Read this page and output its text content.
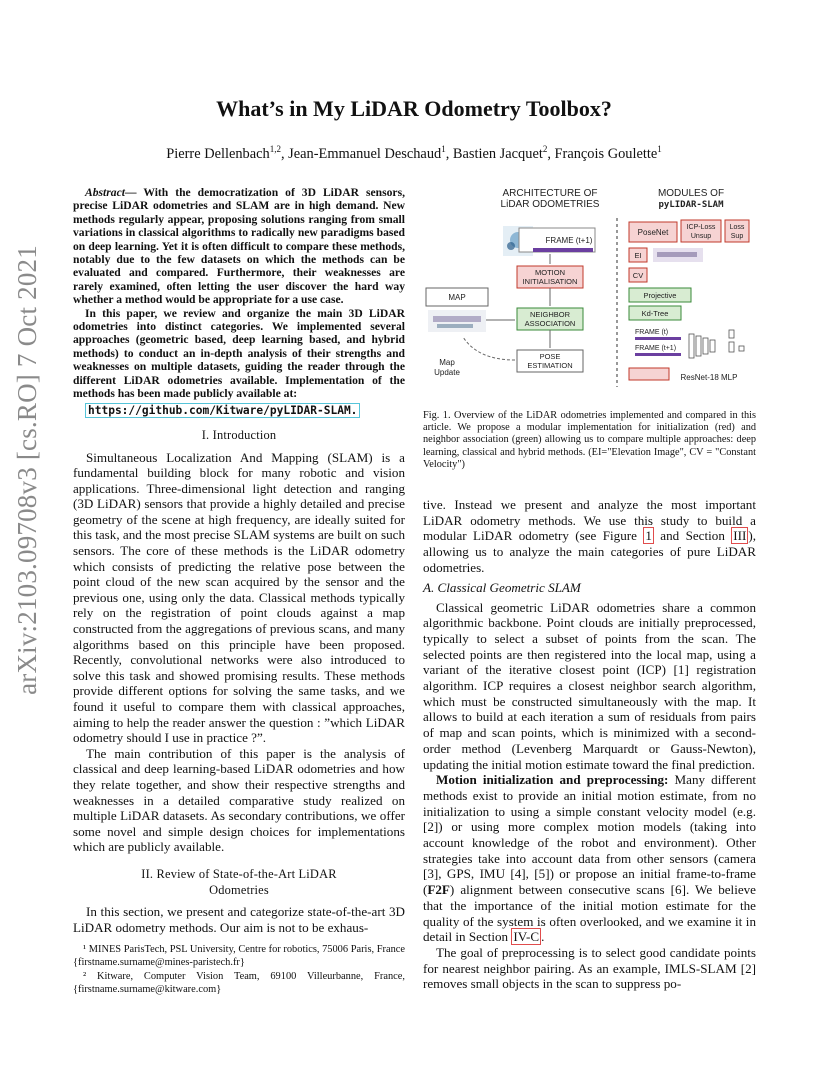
arXiv:2103.09708v3 [cs.RO] 7 Oct 2021
What’s in My LiDAR Odometry Toolbox?
Pierre Dellenbach$^{1,2}$, Jean-Emmanuel Deschaud$^1$, Bastien Jacquet$^2$, François Goulette$^1$

Abstract— With the democratization of 3D LiDAR sensors, precise LiDAR odometries and SLAM are in high demand. New methods regularly appear, proposing solutions ranging from small variations in classical algorithms to radically new paradigms based on deep learning. Yet it is often difficult to compare these methods, notably due to the few datasets on which the methods can be evaluated and compared. Furthermore, their weaknesses are rarely examined, often letting the user discover the hard way whether a method would be appropriate for a use case.

In this paper, we review and organize the main 3D LiDAR odometries into distinct categories. We implemented several approaches (geometric based, deep learning based, and hybrid methods) to conduct an in-depth analysis of their strengths and weaknesses on multiple datasets, guiding the reader through the different LiDAR odometries available. Implementation of the methods has been made publicly available at:

https://github.com/Kitware/pyLIDAR-SLAM.
I. Introduction

Simultaneous Localization And Mapping (SLAM) is a fundamental building block for many robotic and vision applications. Three-dimensional light detection and ranging (3D LiDAR) sensors that provide a highly detailed and precise geometry of the scene at high frequency, are ideally suited for this task, and the most precise SLAM systems are built on such sensors. The core of these methods is the LiDAR odometry which consists of predicting the relative pose between the point cloud of the new scan acquired by the sensor and the previous one, using only the data. Classical methods typically rely on the registration of point clouds against a map constructed from the aggregations of previous scans, and many algorithms based on this principle have been proposed. Recently, convolutional networks were also introduced to solve this task and showed promising results. These methods provide different options for solving the same tasks, and we found it useful to compare them with classical approaches, aiming to help the reader answer the question : ”which LiDAR odometry should I use in practice ?”.

The main contribution of this paper is the analysis of classical and deep learning-based LiDAR odometries and how they relate together, and show their respective strengths and weaknesses in a detailed comparative study realized on multiple LiDAR datasets. As secondary contributions, we offer some novel and simple design choices for implementations which are publicly available.

II. Review of State-of-the-Art LiDAR
Odometries

In this section, we present and categorize state-of-the-art 3D LiDAR odometry methods. Our aim is not to be exhaus-

¹ MINES ParisTech, PSL University, Centre for robotics, 75006 Paris, France {firstname.surname@mines-paristech.fr}

² Kitware, Computer Vision Team, 69100 Villeurbanne, France, {firstname.surname@kitware.com}

ARCHITECTURE OF
LiDAR ODOMETRIES
MODULES OF
pyLIDAR-SLAM
FRAME (t+1)
MOTION
INITIALISATION
MAP
NEIGHBOR
ASSOCIATION
POSE
ESTIMATION
Map
Update
PoseNet
ICP-Loss
Unsup
Loss
Sup
EI
CV
Projective
Kd-Tree
FRAME (t)
FRAME (t+1)
ResNet-18 MLP
Fig. 1. Overview of the LiDAR odometries implemented and compared in this article. We propose a modular implementation for initialization (red) and neighbor association (green) allowing us to compare multiple approaches: deep learning, classical and hybrid methods. (EI="Elevation Image", CV = "Constant Velocity")

tive. Instead we present and analyze the most important LiDAR odometry methods. We use this study to build a modular LiDAR odometry (see Figure 1 and Section III ), allowing us to analyze the main categories of pure LiDAR odometries.

A. Classical Geometric SLAM

Classical geometric LiDAR odometries share a common algorithmic backbone. Point clouds are initially preprocessed, typically to select a subset of points from the scan. The selected points are then registered into the local map, using a variant of the iterative closest point (ICP) [1] registration algorithm. ICP requires a closest neighbor search algorithm, which must be constructed simultaneously with the map. It allows to build at each iteration a sum of residuals from pairs of map and scan points, which is minimized with a second-order method (Levenberg Marquardt or Gauss-Newton), updating the initial motion estimate toward the final prediction.

Motion initialization and preprocessing: Many different methods exist to provide an initial motion estimate, from no initialization to using a simple constant velocity model (e.g. [2]) or using more complex motion models (taking into account knowledge of the robot and environment). Other strategies take into account data from other sensors (camera [3], GPS, IMU [4], [5]) or propose an initial frame-to-frame (F2F) alignment between consecutive scans [6]. We believe that the importance of the initial motion estimate for the quality of the system is often overlooked, and we examine it in detail in Section IV-C .

The goal of preprocessing is to select good candidate points for nearest neighbor pairing. As an example, IMLS-SLAM [2] removes small objects in the scan to suppress po-
